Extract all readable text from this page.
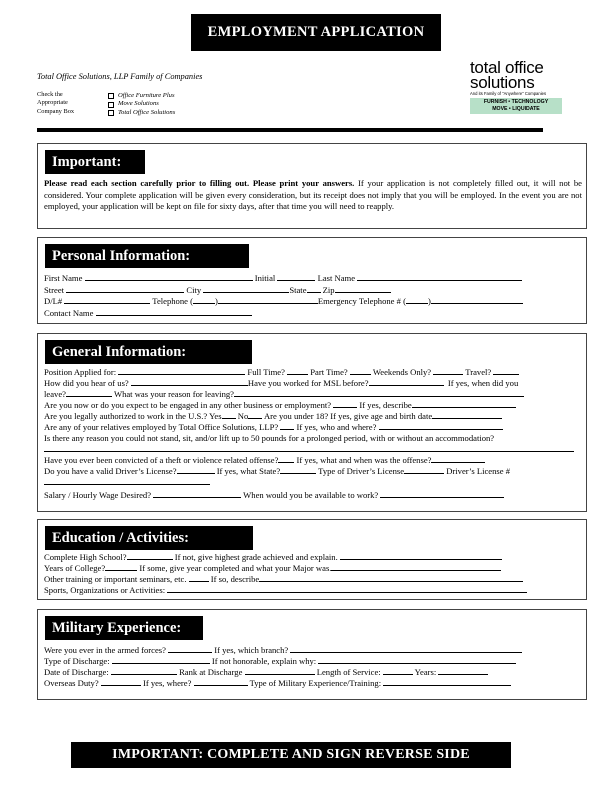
EMPLOYMENT APPLICATION
Total Office Solutions, LLP Family of Companies
Check the
Appropriate
Company Box
Office Furniture Plus
Move Solutions
Total Office Solutions
total office
solutions
And its Family of "Anywhere" Companies
FURNISH • TECHNOLOGY
MOVE • LIQUIDATE
Important:
Please read each section carefully prior to filling out. Please print your answers. If your application is not completely filled out, it will not be considered. Your complete application will be given every consideration, but its receipt does not imply that you will be employed. In the event you are not employed, your application will be kept on file for sixty days, after that time you will need to reapply.
Personal Information:
First Name	Initial	Last Name
Street	City	State Zip
D/L#	Telephone (	)	Emergency Telephone # (	)
Contact Name
General Information:
Position Applied for:	Full Time?	Part Time?	Weekends Only?	Travel?
How did you hear of us?	Have you worked for MSL before?	If yes, when did you
leave?	What was your reason for leaving?
Are you now or do you expect to be engaged in any other business or employment?	If yes, describe
Are you legally authorized to work in the U.S.? Yes No Are you under 18? If yes, give age and birth date
Are any of your relatives employed by Total Office Solutions, LLP? If yes, who and where?
Is there any reason you could not stand, sit, and/or lift up to 50 pounds for a prolonged period, with or without an accommodation?
Have you ever been convicted of a theft or violence related offense? If yes, what and when was the offense?
Do you have a valid Driver’s License?	If yes, what State?	Type of Driver’s License	Driver’s License #
Salary / Hourly Wage Desired?	When would you be available to work?
Education / Activities:
Complete High School?	If not, give highest grade achieved and explain.
Years of College?	If some, give year completed and what your Major was.
Other training or important seminars, etc.	If so, describe
Sports, Organizations or Activities:
Military Experience:
Were you ever in the armed forces?	If yes, which branch?
Type of Discharge:	If not honorable, explain why:
Date of Discharge:	Rank at Discharge	Length of Service:	Years:
Overseas Duty?	If yes, where?	Type of Military Experience/Training:
IMPORTANT: COMPLETE AND SIGN REVERSE SIDE
